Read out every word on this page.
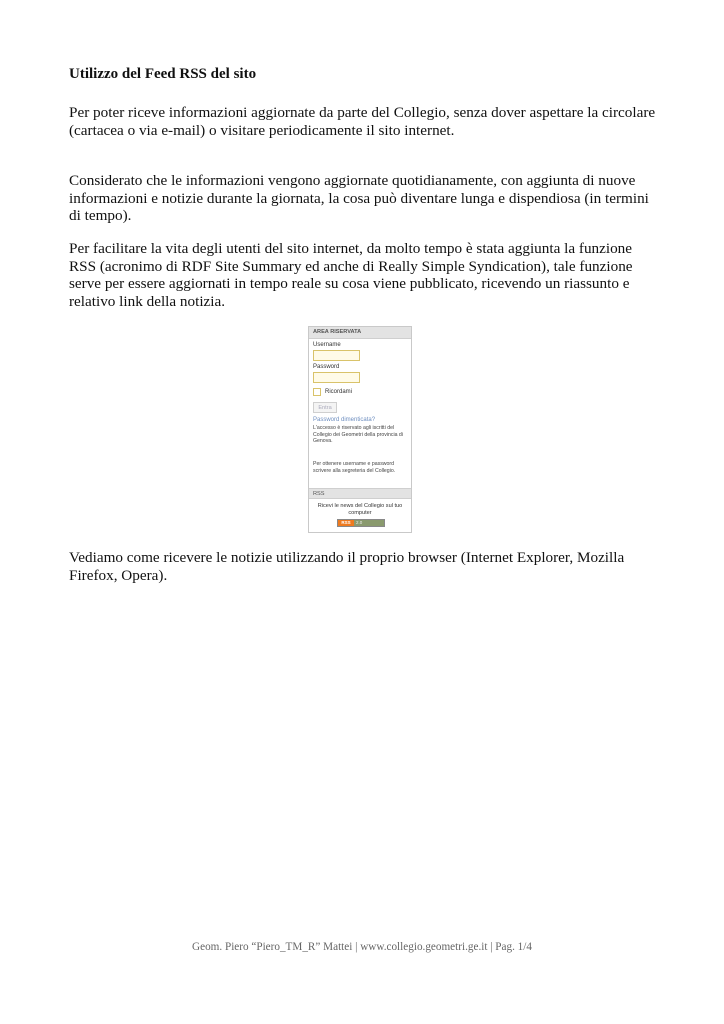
Utilizzo del Feed RSS del sito

Per poter riceve informazioni aggiornate da parte del Collegio, senza dover aspettare la circolare (cartacea o via e-mail) o visitare periodicamente il sito internet.

Considerato che le informazioni vengono aggiornate quotidianamente, con aggiunta di nuove informazioni e notizie durante la giornata, la cosa può diventare lunga e dispendiosa (in termini di tempo).

Per facilitare la vita degli utenti del sito internet, da molto tempo è stata aggiunta la funzione RSS (acronimo di RDF Site Summary ed anche di Really Simple Syndication), tale funzione serve per essere aggiornati in tempo reale su cosa viene pubblicato, ricevendo un riassunto e relativo link della notizia.

AREA RISERVATA
Username
Password
Ricordami
Entra
Password dimenticata?
L'accesso è riservato agli iscritti del Collegio dei Geometri della provincia di Genova.
Per ottenere username e password scrivere alla segreteria del Collegio.
RSS
Ricevi le news del Collegio sul tuo computer
RSS	2.0

Vediamo come ricevere le notizie utilizzando il proprio browser (Internet Explorer, Mozilla Firefox, Opera).

Geom. Piero “Piero_TM_R” Mattei | www.collegio.geometri.ge.it | Pag. 1/4
